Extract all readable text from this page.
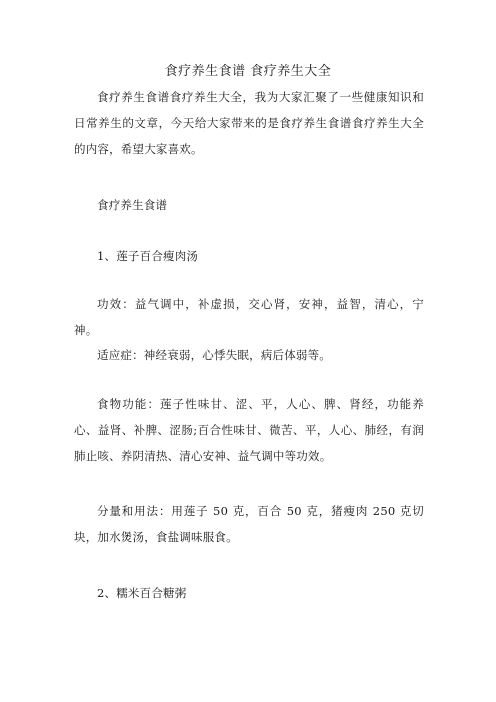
食疗养生食谱 食疗养生大全

食疗养生食谱食疗养生大全，我为大家汇聚了一些健康知识和日常养生的文章，今天给大家带来的是食疗养生食谱食疗养生大全的内容，希望大家喜欢。

食疗养生食谱

1、莲子百合瘦肉汤

功效：益气调中，补虚损，交心肾，安神，益智，清心，宁神。

适应症：神经衰弱，心悸失眠，病后体弱等。

食物功能：莲子性味甘、涩、平，人心、脾、肾经，功能养心、益肾、补脾、涩肠;百合性味甘、微苦、平，人心、肺经，有润肺止咳、养阴清热、清心安神、益气调中等功效。

分量和用法：用莲子 50 克，百合 50 克，猪瘦肉 250 克切块，加水煲汤，食盐调味服食。

2、糯米百合糖粥
